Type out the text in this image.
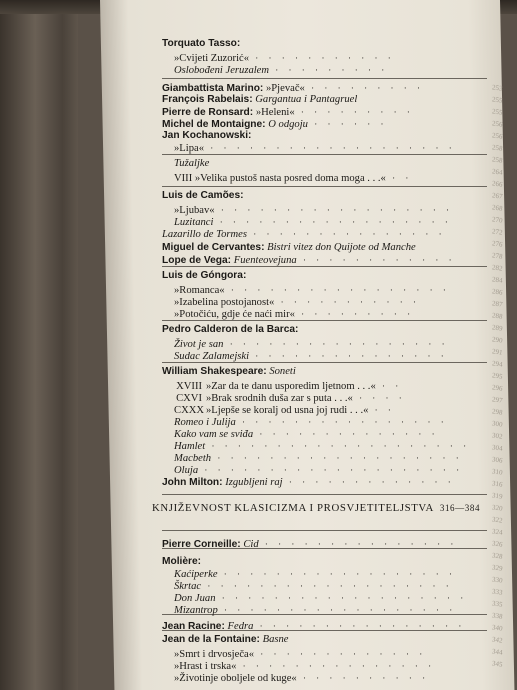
253
255
255
256
256
258
258
264
266
267
268
270
272
276
278
282
284
286
287
288
289
290
291
294
295
296
297
298
300
302
304
306
310
316
319
320
322
324
326
328
329
330
333
335
338
340
342
344
345
Torquato Tasso:
»Cvijeti Zuzorić« · · · · · · · · · · ·
Oslobođeni Jeruzalem · · · · · · · · ·
Giambattista Marino: »Pjevač« · · · · · · · · ·
François Rabelais: Gargantua i Pantagruel
Pierre de Ronsard: »Heleni« · · · · · · · · ·
Michel de Montaigne: O odgoju · · · · · ·
Jan Kochanowski:
»Lipa« · · · · · · · · · · · · · · · · · · ·
Tužaljke
VIII »Velika pustoš nasta posred doma moga . . .« · ·
Luis de Camões:
»Ljubav« · · · · · · · · · · · · · · · · · ·
Luzitanci · · · · · · · · · · · · · · · · · ·
Lazarillo de Tormes · · · · · · · · · · · · · · ·
Miguel de Cervantes: Bistri vitez don Quijote od Manche
Lope de Vega: Fuenteovejuna · · · · · · · · · · · ·
Luis de Góngora:
»Romanca« · · · · · · · · · · · · · · · · ·
»Izabelina postojanost« · · · · · · · · · · ·
»Potočiću, gdje će naći mir« · · · · · · · · ·
Pedro Calderon de la Barca:
Život je san · · · · · · · · · · · · · · · · ·
Sudac Zalamejski · · · · · · · · · · · · · · ·
William Shakespeare: Soneti
XVIII »Zar da te danu usporedim ljetnom . . .« · ·
CXVI »Brak srodnih duša zar s puta . . .« · · · ·
CXXX »Ljepše se koralj od usna joj rudi . . .« · ·
Romeo i Julija · · · · · · · · · · · · · · · ·
Kako vam se sviđa · · · · · · · · · · · · · ·
Hamlet · · · · · · · · · · · · · · · · · · · ·
Macbeth · · · · · · · · · · · · · · · · · · ·
Oluja · · · · · · · · · · · · · · · · · · · ·
John Milton: Izgubljeni raj · · · · · · · · · · · · ·
KNJIŽEVNOST KLASICIZMA I PROSVJETITELJSTVA 316—384
Pierre Corneille: Cid · · · · · · · · · · · · · · ·
Molière:
Kaćiperke · · · · · · · · · · · · · · · · · ·
Škrtac · · · · · · · · · · · · · · · · · · ·
Don Juan · · · · · · · · · · · · · · · · · · ·
Mizantrop · · · · · · · · · · · · · · · · · ·
Jean Racine: Fedra · · · · · · · · · · · · · · · ·
Jean de la Fontaine: Basne
»Smrt i drvosječa« · · · · · · · · · · · · ·
»Hrast i trska« · · · · · · · · · · · · · · ·
»Životinje oboljele od kuge« · · · · · · · · · ·
